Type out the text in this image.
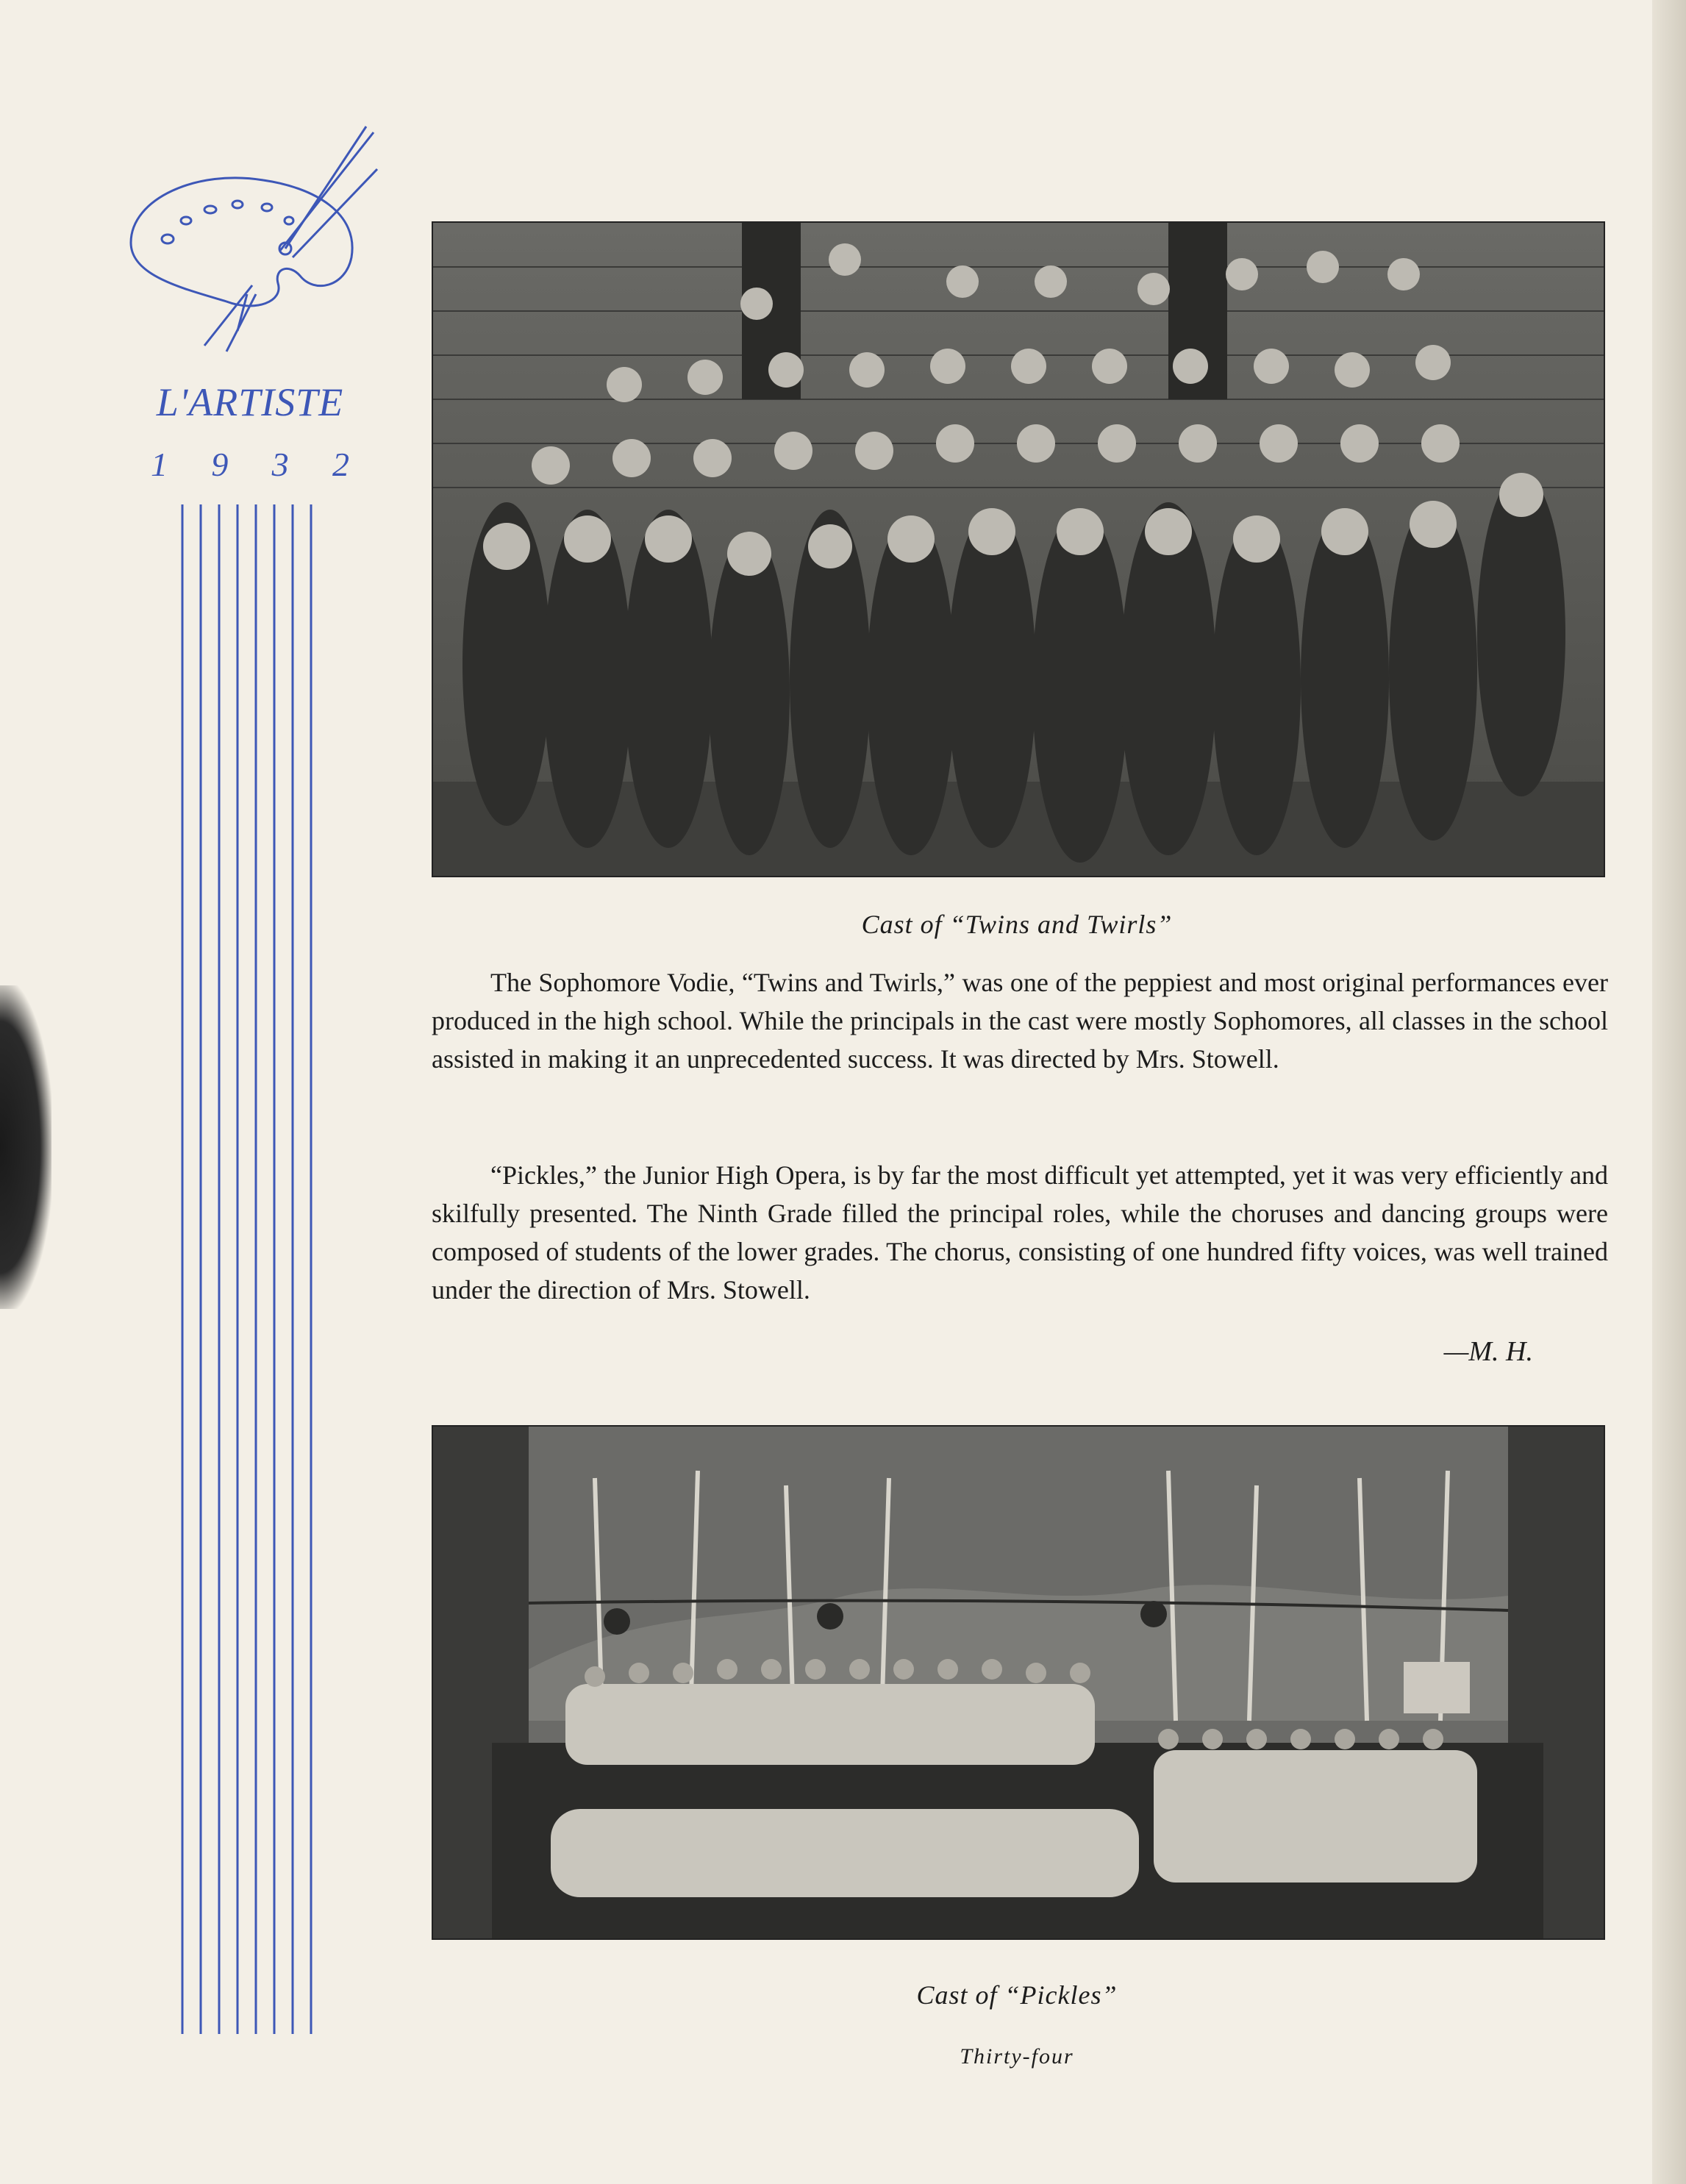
L'ARTISTE
1 9 3 2
Cast of “Twins and Twirls”

The Sophomore Vodie, “Twins and Twirls,” was one of the peppiest and most original performances ever produced in the high school. While the principals in the cast were mostly Sophomores, all classes in the school assisted in making it an unprecedented success. It was directed by Mrs. Stowell.

“Pickles,” the Junior High Opera, is by far the most difficult yet attempted, yet it was very efficiently and skilfully presented. The Ninth Grade filled the principal roles, while the choruses and dancing groups were composed of students of the lower grades. The chorus, consisting of one hundred fifty voices, was well trained under the direction of Mrs. Stowell.

—M. H.
Cast of “Pickles”
Thirty-four
